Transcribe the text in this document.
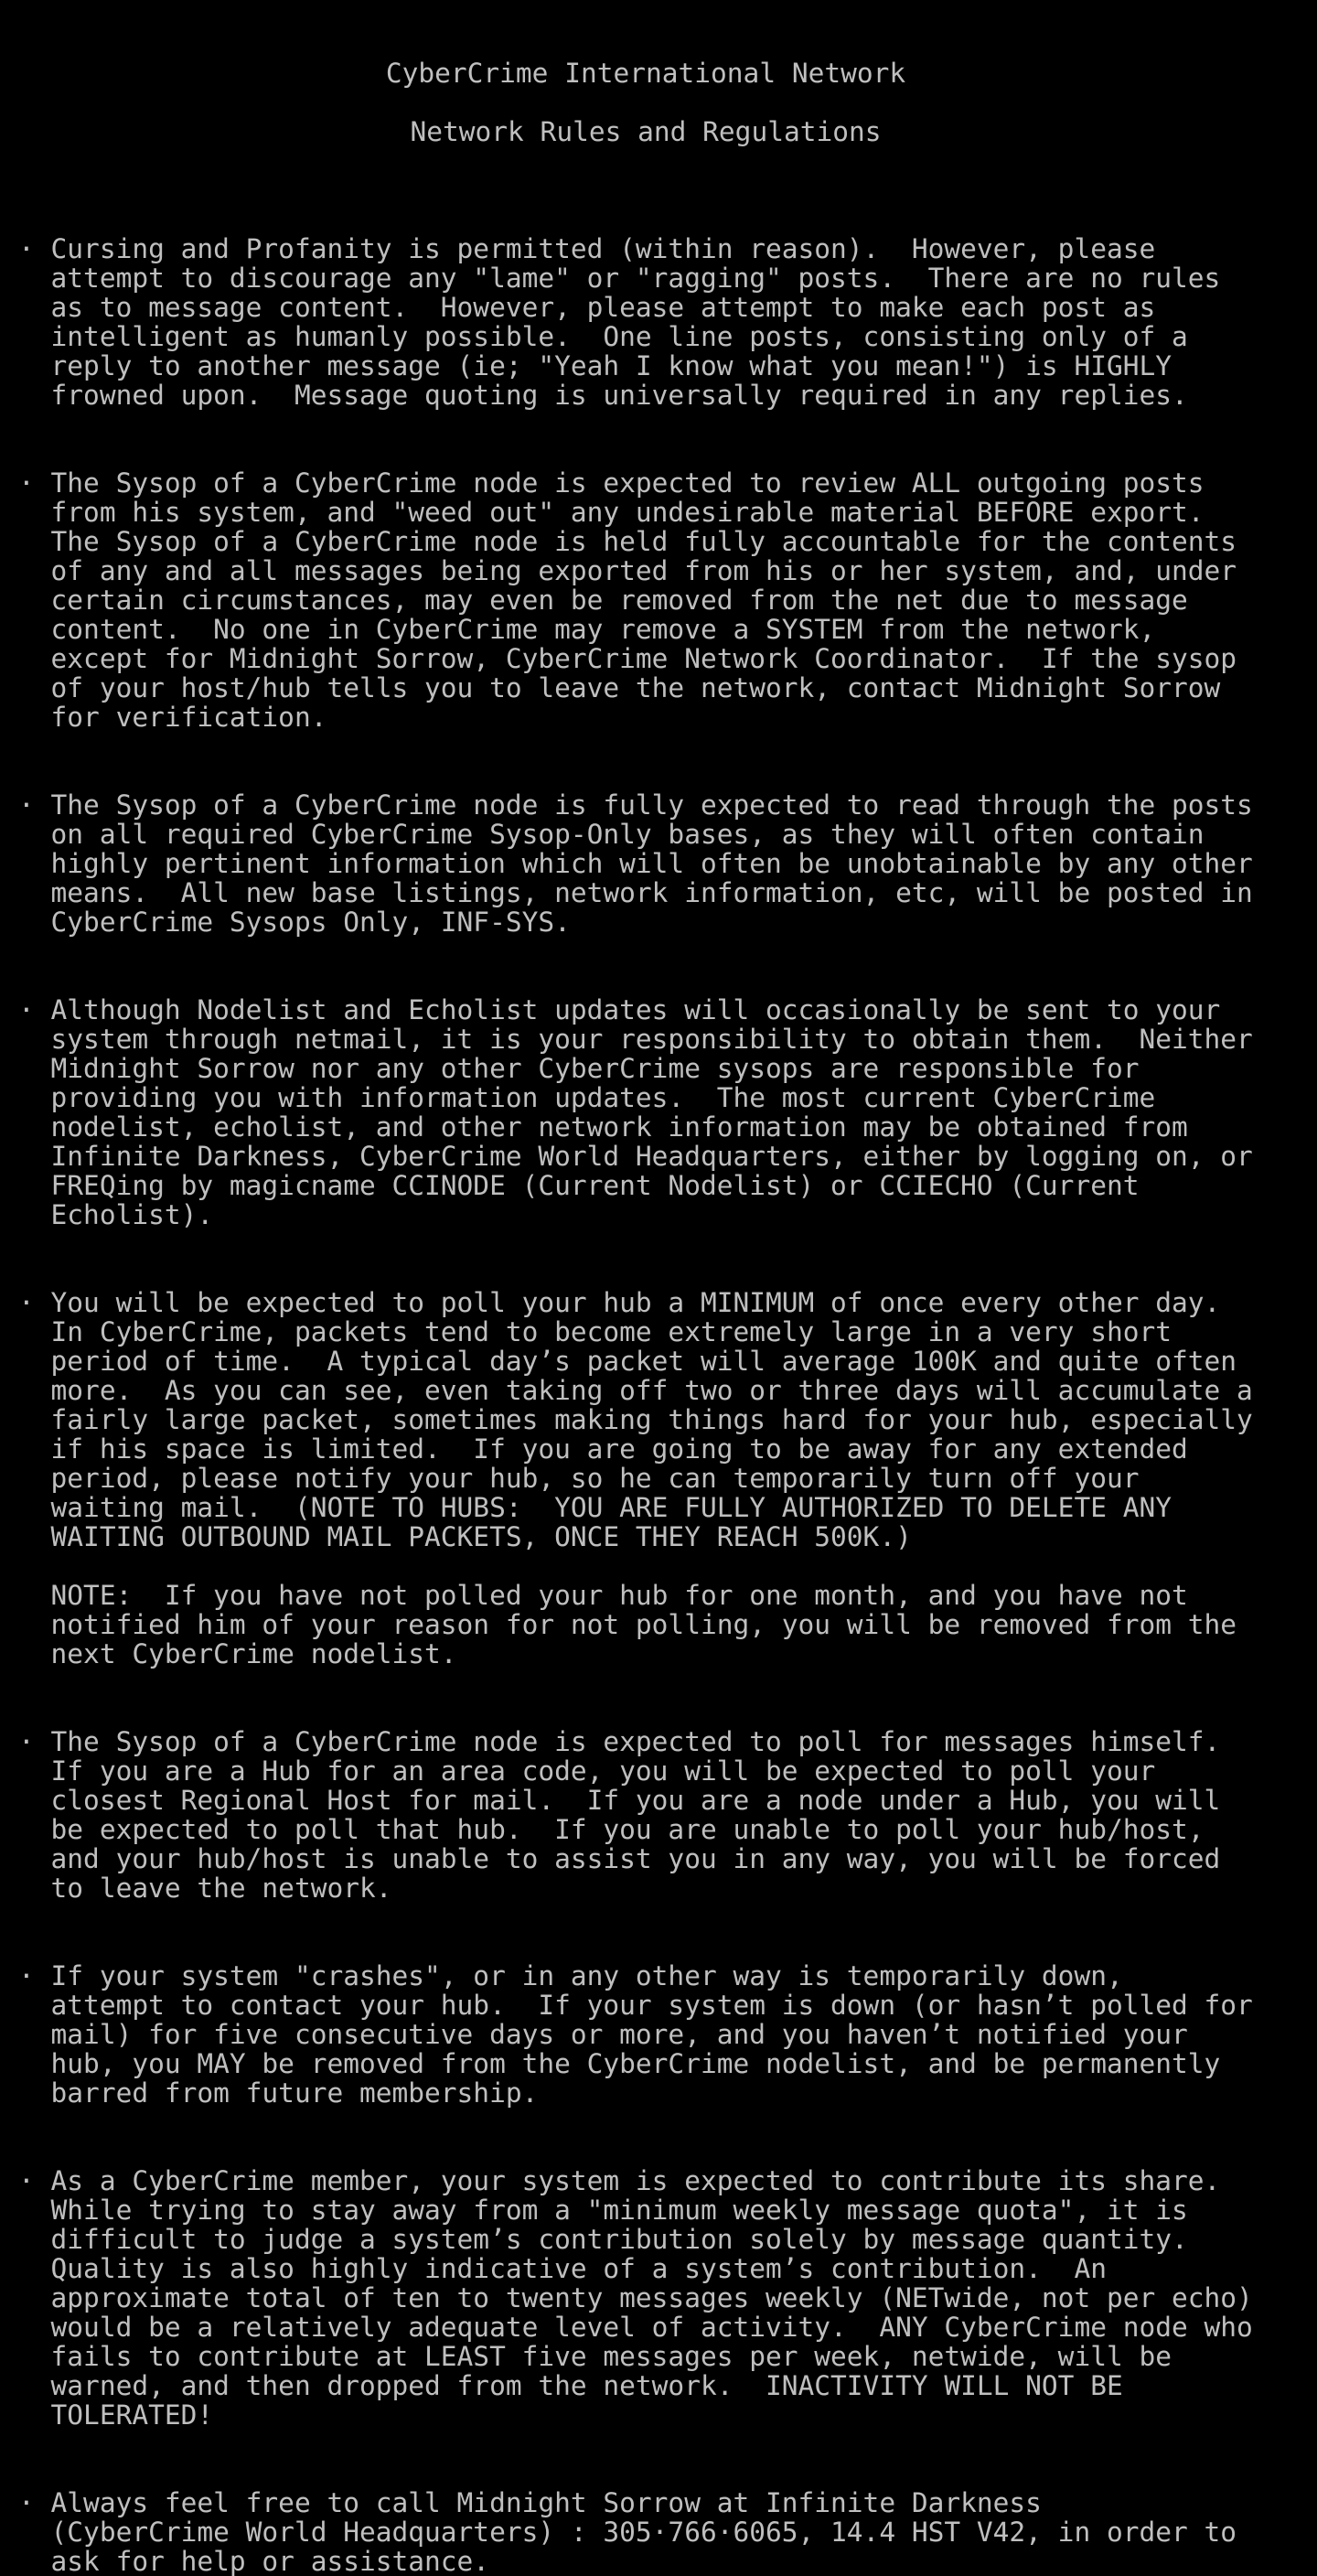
CyberCrime International Network
Network Rules and Regulations
· Cursing and Profanity is permitted (within reason).  However, please
attempt to discourage any "lame" or "ragging" posts.  There are no rules
as to message content.  However, please attempt to make each post as
intelligent as humanly possible.  One line posts, consisting only of a
reply to another message (ie; "Yeah I know what you mean!") is HIGHLY
frowned upon.  Message quoting is universally required in any replies.
· The Sysop of a CyberCrime node is expected to review ALL outgoing posts
from his system, and "weed out" any undesirable material BEFORE export.
The Sysop of a CyberCrime node is held fully accountable for the contents
of any and all messages being exported from his or her system, and, under
certain circumstances, may even be removed from the net due to message
content.  No one in CyberCrime may remove a SYSTEM from the network,
except for Midnight Sorrow, CyberCrime Network Coordinator.  If the sysop
of your host/hub tells you to leave the network, contact Midnight Sorrow
for verification.
· The Sysop of a CyberCrime node is fully expected to read through the posts
on all required CyberCrime Sysop-Only bases, as they will often contain
highly pertinent information which will often be unobtainable by any other
means.  All new base listings, network information, etc, will be posted in
CyberCrime Sysops Only, INF-SYS.
· Although Nodelist and Echolist updates will occasionally be sent to your
system through netmail, it is your responsibility to obtain them.  Neither
Midnight Sorrow nor any other CyberCrime sysops are responsible for
providing you with information updates.  The most current CyberCrime
nodelist, echolist, and other network information may be obtained from
Infinite Darkness, CyberCrime World Headquarters, either by logging on, or
FREQing by magicname CCINODE (Current Nodelist) or CCIECHO (Current
Echolist).
· You will be expected to poll your hub a MINIMUM of once every other day.
In CyberCrime, packets tend to become extremely large in a very short
period of time.  A typical day’s packet will average 100K and quite often
more.  As you can see, even taking off two or three days will accumulate a
fairly large packet, sometimes making things hard for your hub, especially
if his space is limited.  If you are going to be away for any extended
period, please notify your hub, so he can temporarily turn off your
waiting mail.  (NOTE TO HUBS:  YOU ARE FULLY AUTHORIZED TO DELETE ANY
WAITING OUTBOUND MAIL PACKETS, ONCE THEY REACH 500K.)
NOTE:  If you have not polled your hub for one month, and you have not
notified him of your reason for not polling, you will be removed from the
next CyberCrime nodelist.
· The Sysop of a CyberCrime node is expected to poll for messages himself.
If you are a Hub for an area code, you will be expected to poll your
closest Regional Host for mail.  If you are a node under a Hub, you will
be expected to poll that hub.  If you are unable to poll your hub/host,
and your hub/host is unable to assist you in any way, you will be forced
to leave the network.
· If your system "crashes", or in any other way is temporarily down,
attempt to contact your hub.  If your system is down (or hasn’t polled for
mail) for five consecutive days or more, and you haven’t notified your
hub, you MAY be removed from the CyberCrime nodelist, and be permanently
barred from future membership.
· As a CyberCrime member, your system is expected to contribute its share.
While trying to stay away from a "minimum weekly message quota", it is
difficult to judge a system’s contribution solely by message quantity.
Quality is also highly indicative of a system’s contribution.  An
approximate total of ten to twenty messages weekly (NETwide, not per echo)
would be a relatively adequate level of activity.  ANY CyberCrime node who
fails to contribute at LEAST five messages per week, netwide, will be
warned, and then dropped from the network.  INACTIVITY WILL NOT BE
TOLERATED!
· Always feel free to call Midnight Sorrow at Infinite Darkness
(CyberCrime World Headquarters) : 305·766·6065, 14.4 HST V42, in order to
ask for help or assistance.
